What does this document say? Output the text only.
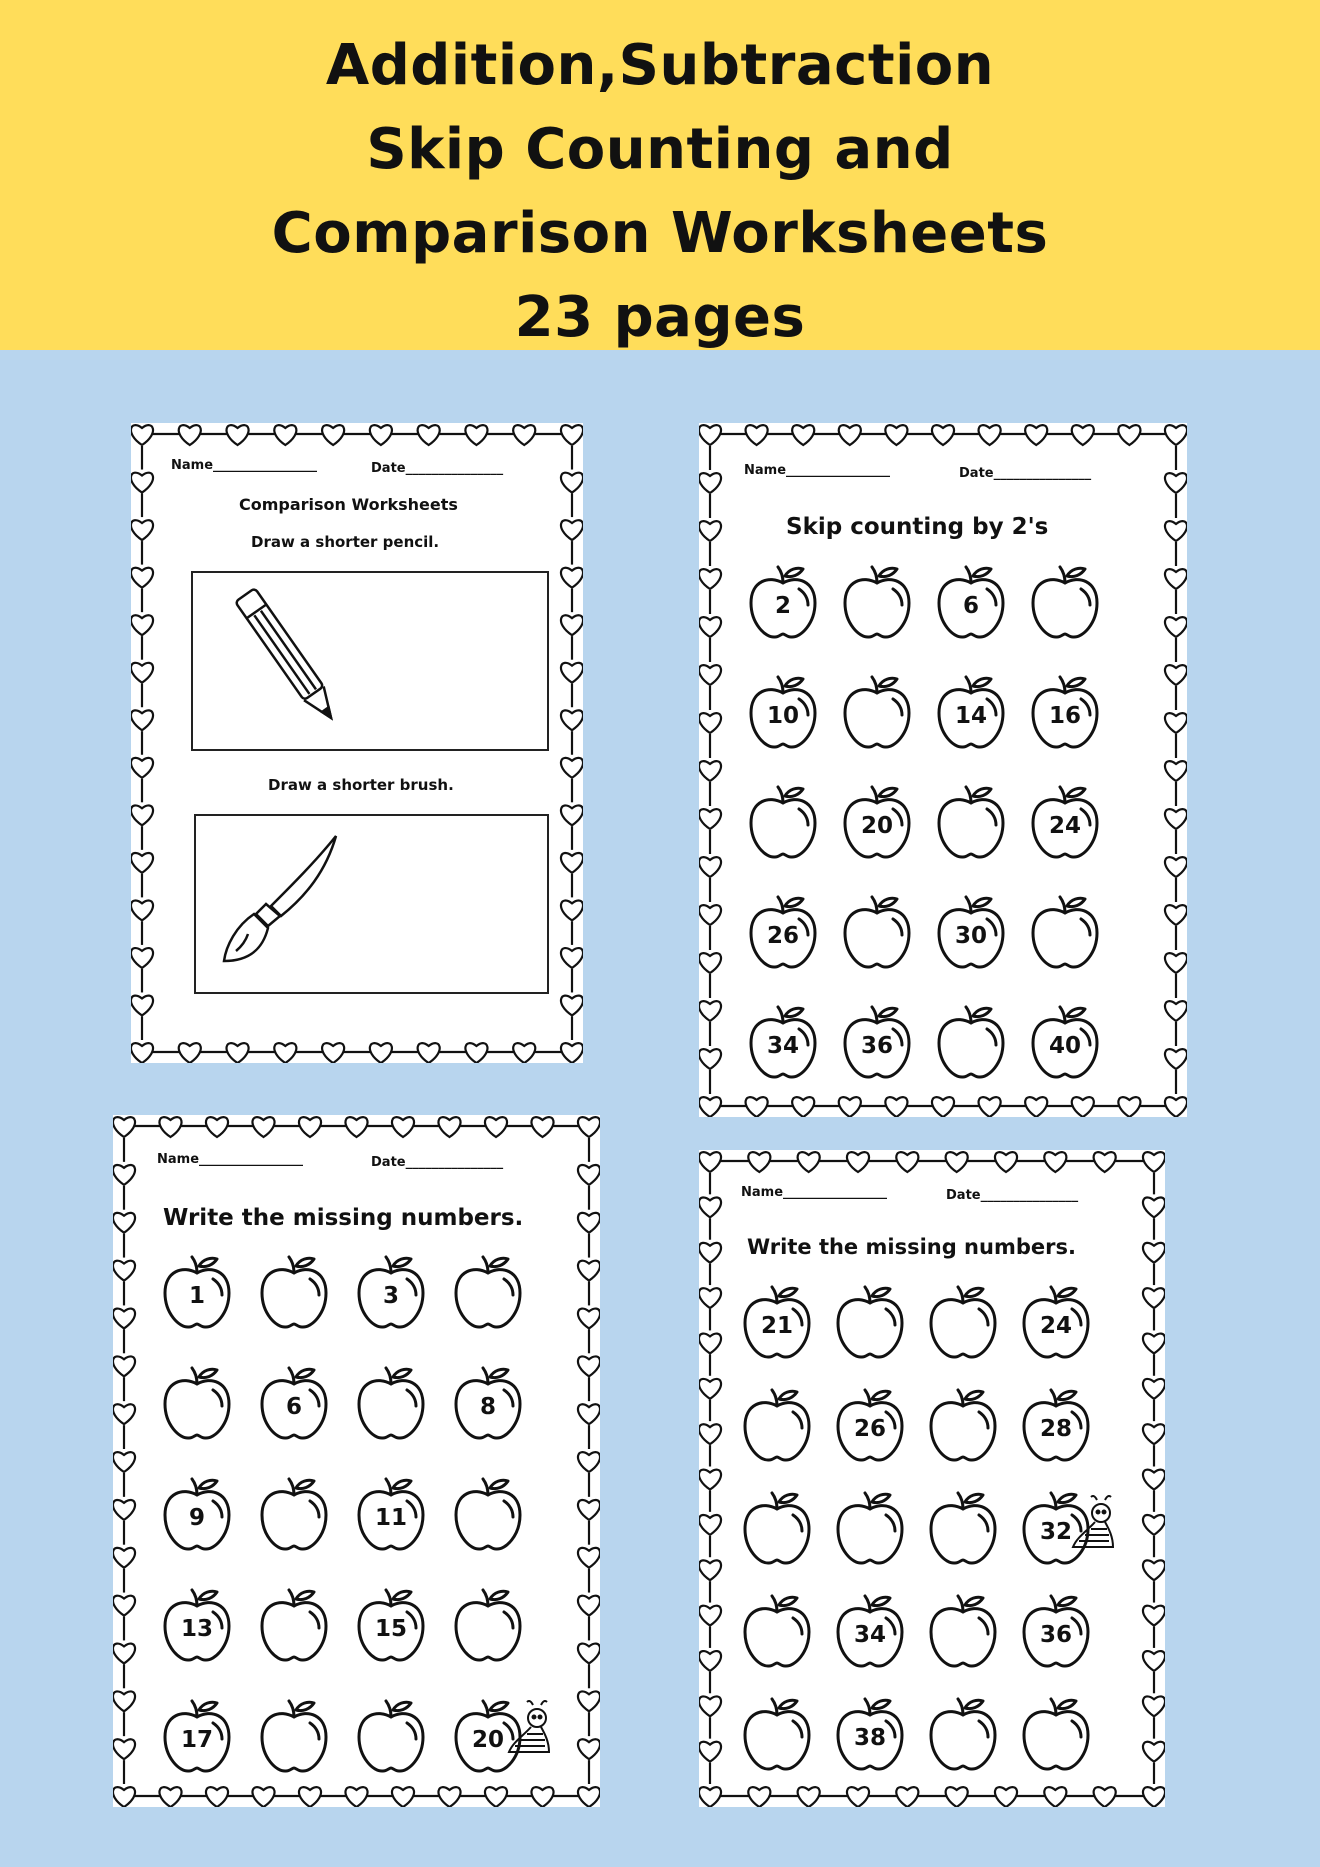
Addition,Subtraction
Skip Counting and
Comparison Worksheets
23 pages
Name________________	Date_______________
Comparison Worksheets
Draw a shorter pencil.
Draw a shorter brush.
Name________________	Date_______________
Skip counting by 2's
2	6
10	14	16
20	24
26	30
34	36	40
Name________________	Date_______________
Write the missing numbers.
1	3
6	8
9	11
13	15
17	20
Name________________	Date_______________
Write the missing numbers.
21	24
26	28
32
34	36
38
